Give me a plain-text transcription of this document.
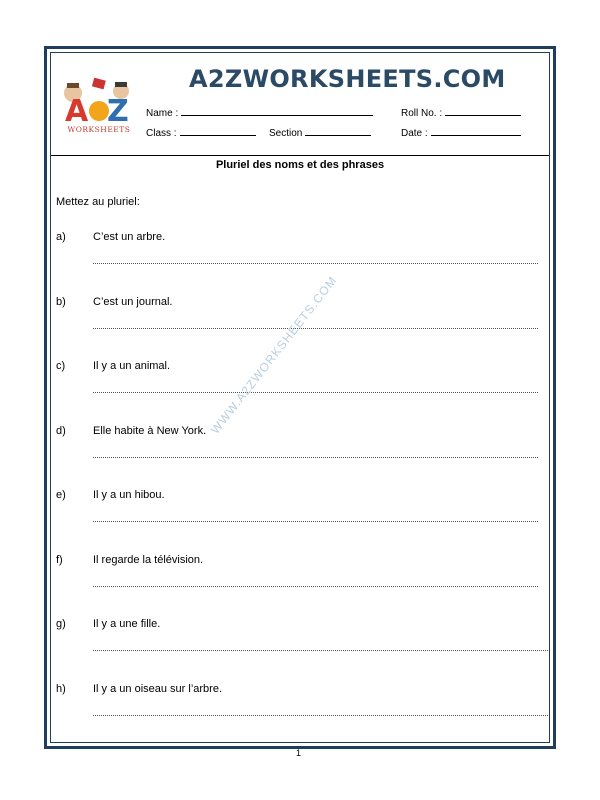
A Z
WORKSHEETS
A2ZWORKSHEETS.COM
Name :	Roll No. :
Class :	Section	Date :
Pluriel des noms et des phrases
Mettez au pluriel:
a) C’est un arbre.
b) C’est un journal.
c)	Il y a un animal.
d) Elle habite à New York.
e) Il y a un hibou.
f)	Il regarde la télévision.
g) Il y a une fille.
h) Il y a un oiseau sur l’arbre.
WWW.A2ZWORKSHEETS.COM
1
